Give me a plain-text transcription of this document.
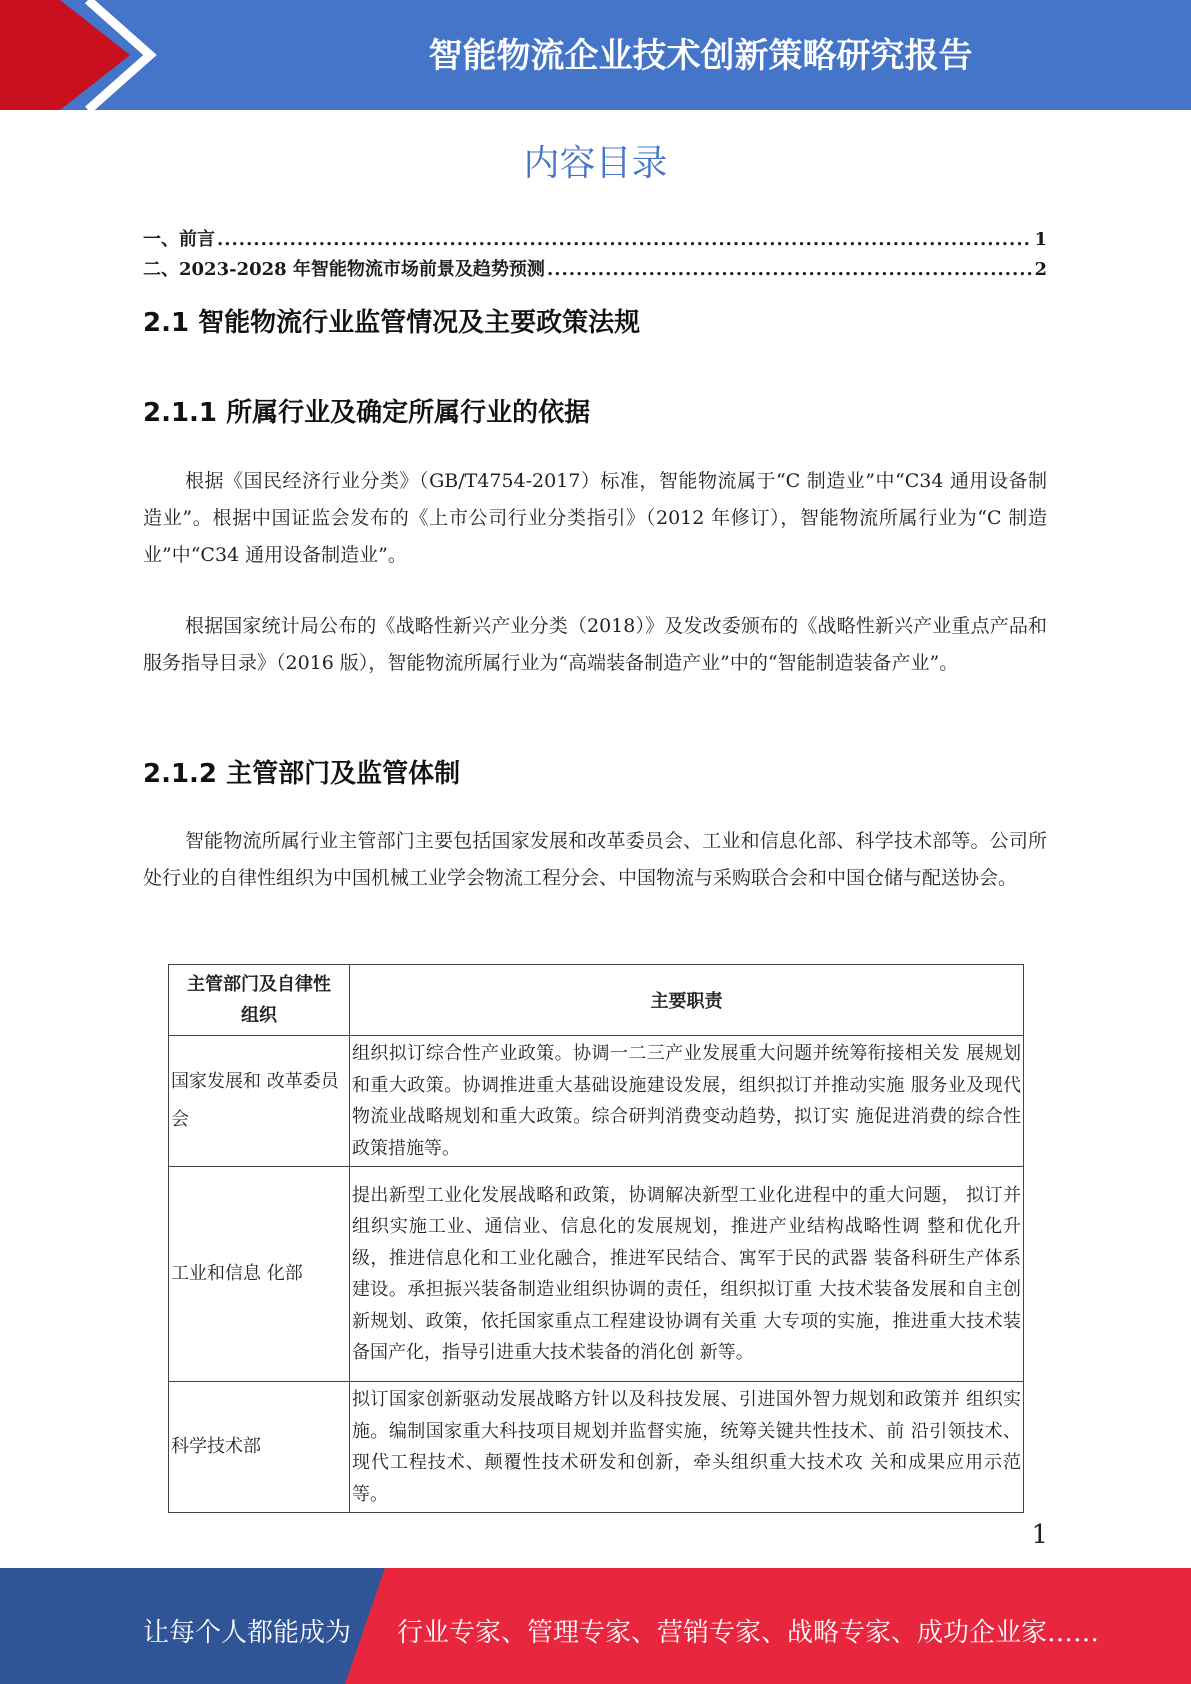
智能物流企业技术创新策略研究报告
内容目录
一、前言 .....	1
二、2023-2028 年智能物流市场前景及趋势预测 .....	2
2.1 智能物流行业监管情况及主要政策法规
2.1.1 所属行业及确定所属行业的依据
根据《国民经济行业分类》（GB/T4754-2017）标准，智能物流属于“C 制造业”中“C34 通用设备制造业”。根据中国证监会发布的《上市公司行业分类指引》（2012 年修订），智能物流所属行业为“C 制造业”中“C34 通用设备制造业”。
根据国家统计局公布的《战略性新兴产业分类（2018）》及发改委颁布的《战略性新兴产业重点产品和服务指导目录》（2016 版），智能物流所属行业为“高端装备制造产业”中的“智能制造装备产业”。
2.1.2 主管部门及监管体制
智能物流所属行业主管部门主要包括国家发展和改革委员会、工业和信息化部、科学技术部等。公司所处行业的自律性组织为中国机械工业学会物流工程分会、中国物流与采购联合会和中国仓储与配送协会。
主管部门及自律性组织	主要职责
国家发展和 改革委员会	组织拟订综合性产业政策。协调一二三产业发展重大问题并统筹衔接相关发 展规划和重大政策。协调推进重大基础设施建设发展，组织拟订并推动实施 服务业及现代物流业战略规划和重大政策。综合研判消费变动趋势，拟订实 施促进消费的综合性政策措施等。
工业和信息 化部	提出新型工业化发展战略和政策，协调解决新型工业化进程中的重大问题， 拟订并组织实施工业、通信业、信息化的发展规划，推进产业结构战略性调 整和优化升级，推进信息化和工业化融合，推进军民结合、寓军于民的武器 装备科研生产体系建设。承担振兴装备制造业组织协调的责任，组织拟订重 大技术装备发展和自主创新规划、政策，依托国家重点工程建设协调有关重 大专项的实施，推进重大技术装备国产化，指导引进重大技术装备的消化创 新等。
科学技术部	拟订国家创新驱动发展战略方针以及科技发展、引进国外智力规划和政策并 组织实施。编制国家重大科技项目规划并监督实施，统筹关键共性技术、前 沿引领技术、现代工程技术、颠覆性技术研发和创新，牵头组织重大技术攻 关和成果应用示范等。
1
让每个人都能成为 行业专家、管理专家、营销专家、战略专家、成功企业家……
